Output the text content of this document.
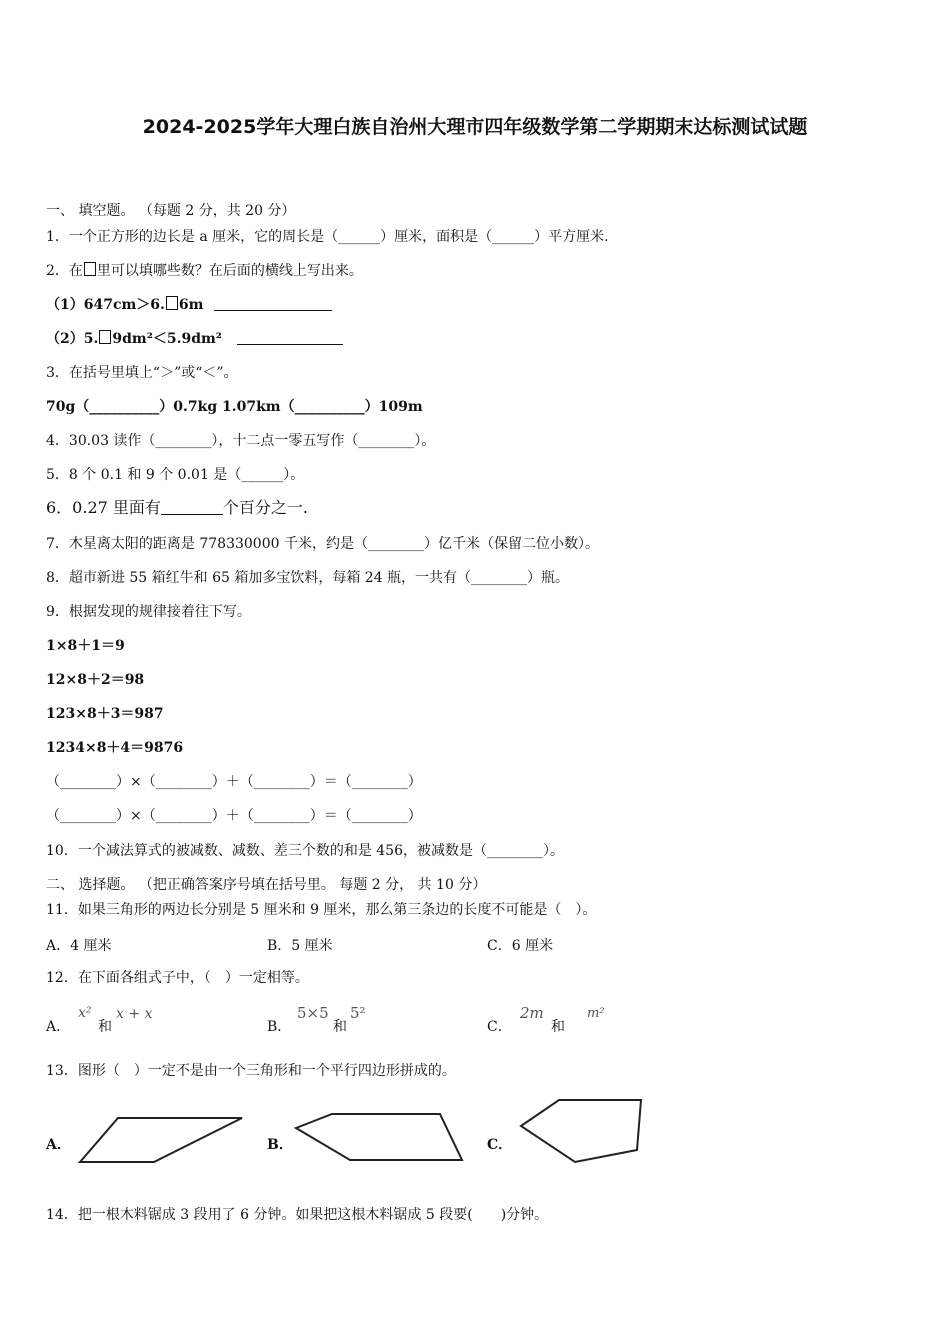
2024-2025学年大理白族自治州大理市四年级数学第二学期期末达标测试试题
一、 填空题。 （每题 2 分，共 20 分）
1．一个正方形的边长是 a 厘米，它的周长是（______）厘米，面积是（______）平方厘米.
2．在 里可以填哪些数？在后面的横线上写出来。
（1）647cm＞6. 6m
（2）5. 9dm²＜5.9dm²
3．在括号里填上“＞”或“＜”。
70g（__________）0.7kg 1.07km（__________）109m
4．30.03 读作（________），十二点一零五写作（________）。
5．8 个 0.1 和 9 个 0.01 是（______）。
6．0.27 里面有	个百分之一.
7．木星离太阳的距离是 778330000 千米，约是（________）亿千米（保留二位小数）。
8．超市新进 55 箱红牛和 65 箱加多宝饮料，每箱 24 瓶，一共有（________）瓶。
9．根据发现的规律接着往下写。
1×8＋1＝9
12×8＋2＝98
123×8＋3＝987
1234×8＋4＝9876
（________）×（________）＋（________）＝（________）
（________）×（________）＋（________）＝（________）
10．一个减法算式的被减数、减数、差三个数的和是 456，被减数是（________）。
二、 选择题。 （把正确答案序号填在括号里。 每题 2 分， 共 10 分）
11．如果三角形的两边长分别是 5 厘米和 9 厘米，那么第三条边的长度不可能是（　）。
A．4 厘米	B．5 厘米	C．6 厘米
12．在下面各组式子中，（　）一定相等。
A．
x²
和
x + x
B．
5×5
和
5²
C．
2m
和
m²
13．图形（　）一定不是由一个三角形和一个平行四边形拼成的。
A．	B．	C．
14．把一根木料锯成 3 段用了 6 分钟。如果把这根木料锯成 5 段要(　　)分钟。
